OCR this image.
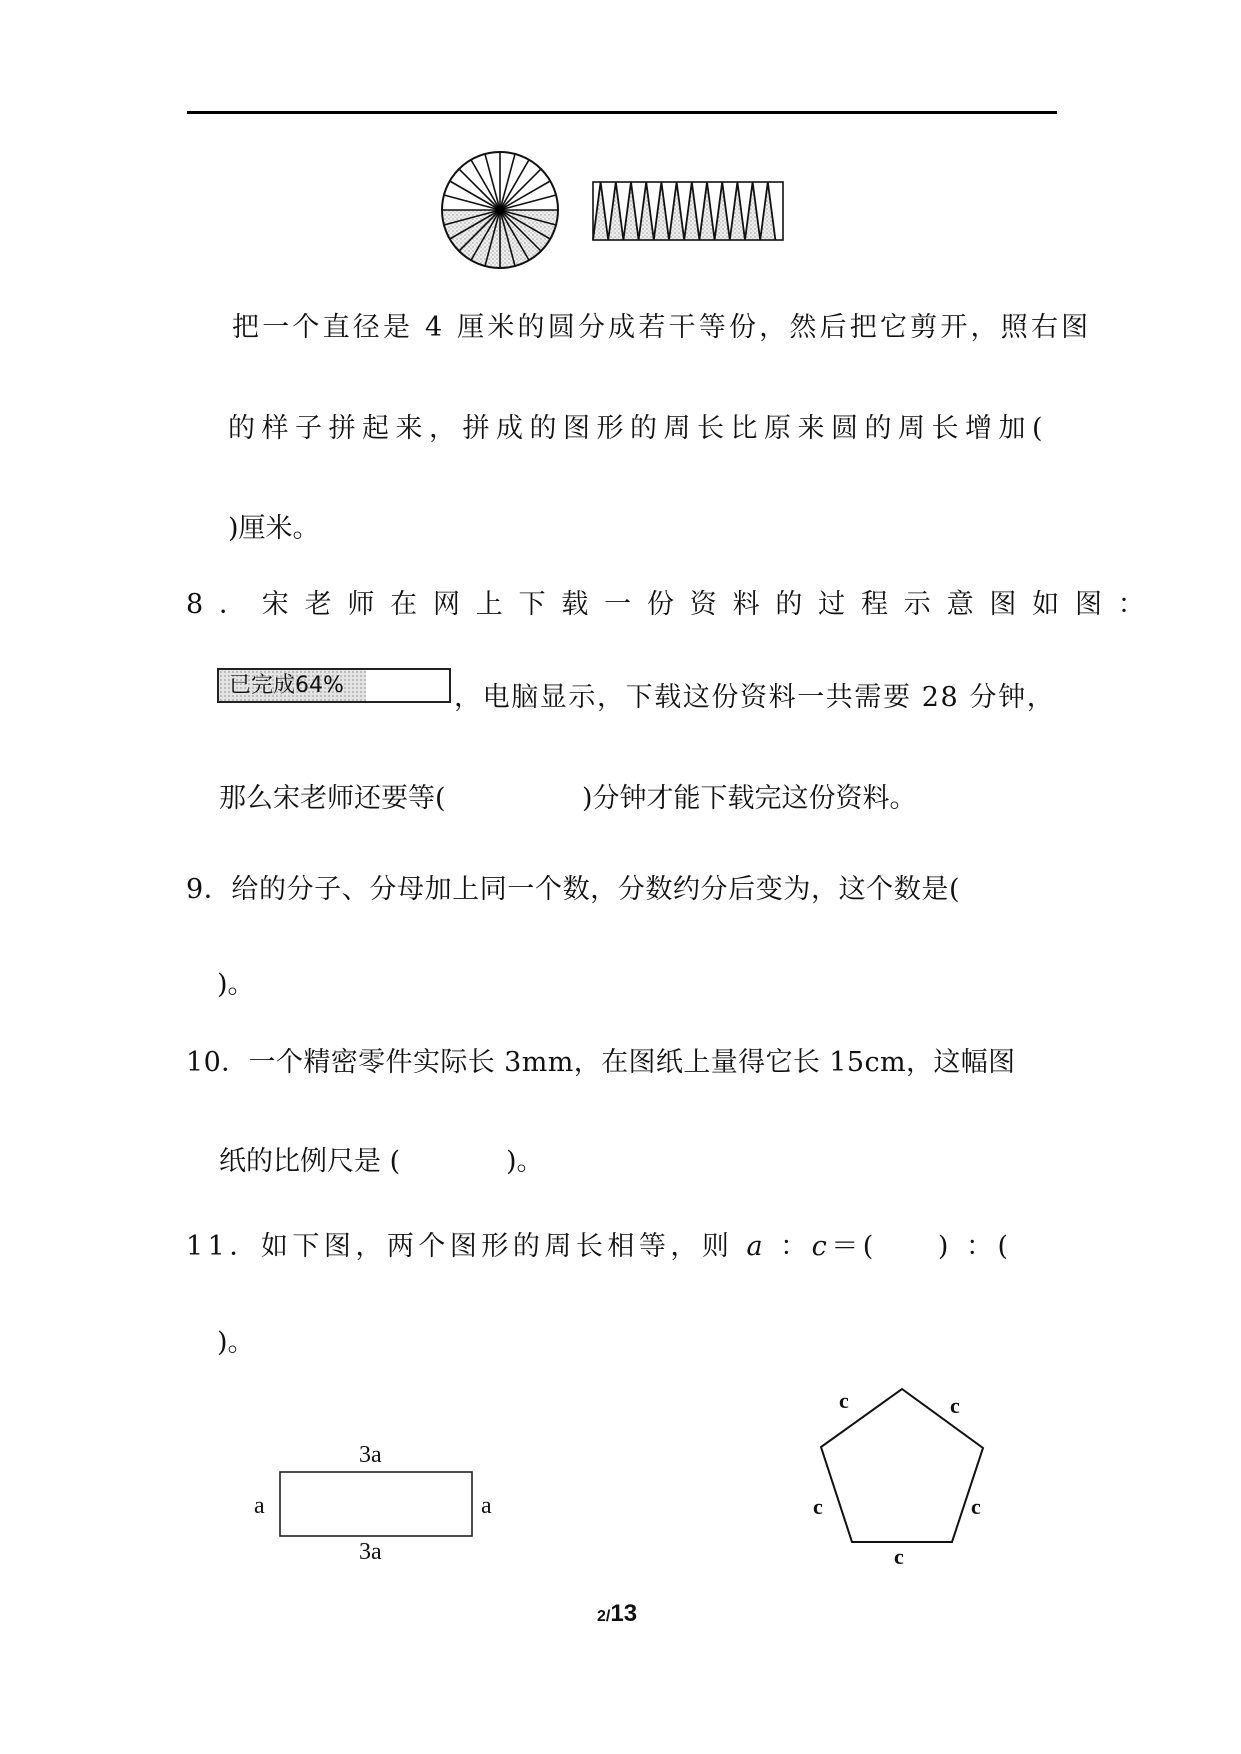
把一个直径是 4 厘米的圆分成若干等份，然后把它剪开，照右图
的样子拼起来，拼成的图形的周长比原来圆的周长增加(
)厘米。
8．宋老师在网上下载一份资料的过程示意图如图：
已完成64%	，电脑显示，下载这份资料一共需要 28 分钟，
那么宋老师还要等(	)分钟才能下载完这份资料。
9．给的分子、分母加上同一个数，分数约分后变为，这个数是(
)。
10．一个精密零件实际长 3mm，在图纸上量得它长 15cm，这幅图
纸的比例尺是 (	)。
11．如下图，两个图形的周长相等，则 a ：c＝( ) ：(
)。
3a
3a
a	a
c	c
c
c
c
2/13
